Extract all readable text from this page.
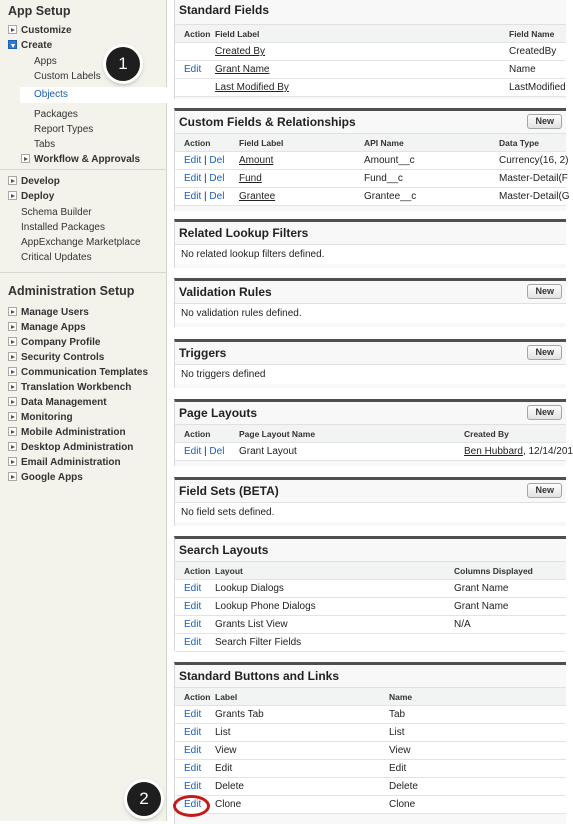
App Setup
Customize
Create
Apps
Custom Labels
Objects
Packages
Report Types
Tabs
Workflow & Approvals
Develop
Deploy
Schema Builder
Installed Packages
AppExchange Marketplace
Critical Updates
Administration Setup
Manage Users
Manage Apps
Company Profile
Security Controls
Communication Templates
Translation Workbench
Data Management
Monitoring
Mobile Administration
Desktop Administration
Email Administration
Google Apps
Standard Fields
Action Field Label	Field Name
Created By	CreatedBy
Edit Grant Name	Name
Last Modified By	LastModified
Custom Fields & Relationships	New
Action	Field Label	API Name	Data Type
Edit | Del Amount	Amount__c	Currency(16, 2)
Edit | Del Fund	Fund__c	Master-Detail(F
Edit | Del Grantee	Grantee__c	Master-Detail(G
Related Lookup Filters
No related lookup filters defined.
Validation Rules	New
No validation rules defined.
Triggers	New
No triggers defined
Page Layouts	New
Action	Page Layout Name	Created By
Edit | Del Grant Layout	Ben Hubbard, 12/14/201
Field Sets (BETA)	New
No field sets defined.
Search Layouts
Action Layout	Columns Displayed
Edit Lookup Dialogs	Grant Name
Edit Lookup Phone Dialogs	Grant Name
Edit Grants List View	N/A
Edit Search Filter Fields
Standard Buttons and Links
Action Label	Name
Edit Grants Tab	Tab
Edit List	List
Edit View	View
Edit Edit	Edit
Edit Delete	Delete
Edit Clone	Clone
1
2
